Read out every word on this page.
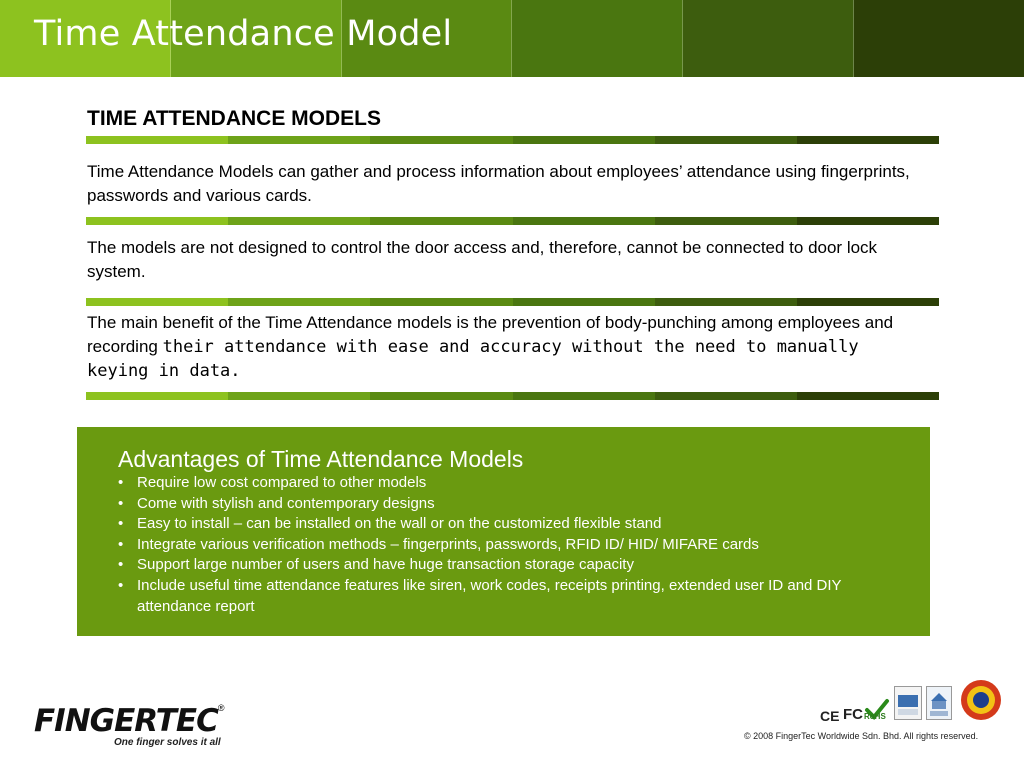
Time Attendance Model
TIME ATTENDANCE MODELS
Time Attendance Models can gather and process information about employees’ attendance using fingerprints, passwords and various cards.
The models are not designed to control the door access and, therefore, cannot be connected to door lock system.
The main benefit of the Time Attendance models is the prevention of body-punching among employees and recording their attendance with ease and accuracy without the need to manually keying in data.
Advantages of Time Attendance Models
• Require low cost compared to other models
• Come with stylish and contemporary designs
• Easy to install – can be installed on the wall or on the customized flexible stand
• Integrate various verification methods – fingerprints, passwords, RFID ID/ HID/ MIFARE cards
• Support large number of users and have huge transaction storage capacity
• Include useful time attendance features like siren, work codes, receipts printing, extended user ID and DIY attendance report
FINGERTEC®
One finger solves it all
CE FC RoHS
© 2008 FingerTec Worldwide Sdn. Bhd. All rights reserved.
